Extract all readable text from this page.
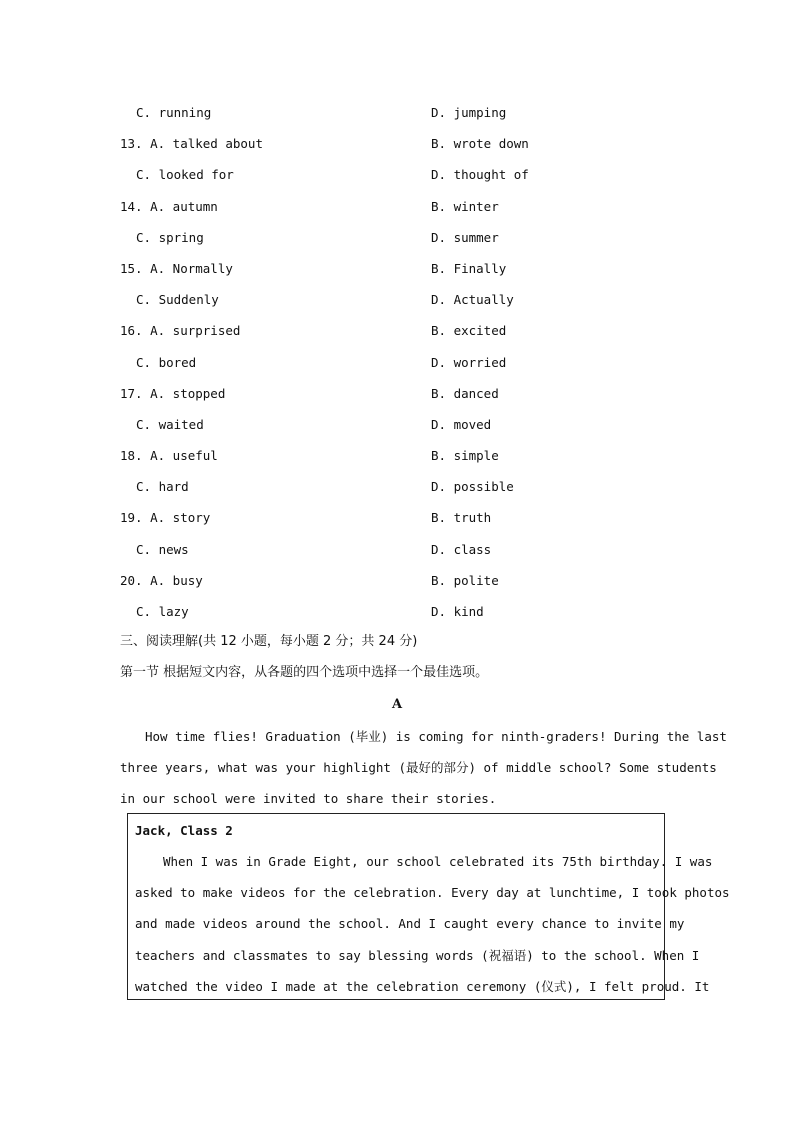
C. running	D. jumping
13. A. talked about	B. wrote down
C. looked for	D. thought of
14. A. autumn	B. winter
C. spring	D. summer
15. A. Normally	B. Finally
C. Suddenly	D. Actually
16. A. surprised	B. excited
C. bored	D. worried
17. A. stopped	B. danced
C. waited	D. moved
18. A. useful	B. simple
C. hard	D. possible
19. A. story	B. truth
C. news	D. class
20. A. busy	B. polite
C. lazy	D. kind
三、阅读理解(共 12 小题，每小题 2 分；共 24 分)
第一节 根据短文内容，从各题的四个选项中选择一个最佳选项。
A
How time flies! Graduation (毕业) is coming for ninth-graders! During the last
three years, what was your highlight (最好的部分) of middle school? Some students
in our school were invited to share their stories.
Jack, Class 2
When I was in Grade Eight, our school celebrated its 75th birthday. I was
asked to make videos for the celebration. Every day at lunchtime, I took photos
and made videos around the school. And I caught every chance to invite my
teachers and classmates to say blessing words (祝福语) to the school. When I
watched the video I made at the celebration ceremony (仪式), I felt proud. It
